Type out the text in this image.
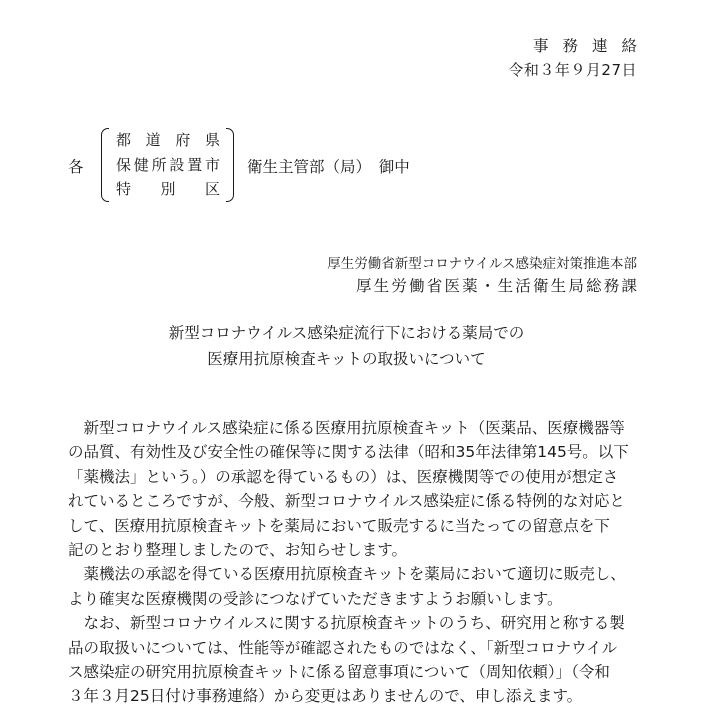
事務連絡
令和３年９月27日
各
都 道 府 県
保 健 所 設 置 市
特 別 区
衛生主管部（局）　御中
厚生労働省新型コロナウイルス感染症対策推進本部
厚生労働省医薬・生活衛生局総務課
新型コロナウイルス感染症流行下における薬局での
医療用抗原検査キットの取扱いについて
　新型コロナウイルス感染症に係る医療用抗原検査キット（医薬品、医療機器等
の品質、有効性及び安全性の確保等に関する法律（昭和35年法律第145号。以下
「薬機法」という。）の承認を得ているもの）は、医療機関等での使用が想定さ
れているところですが、今般、新型コロナウイルス感染症に係る特例的な対応と
して、医療用抗原検査キットを薬局において販売するに当たっての留意点を下
記のとおり整理しましたので、お知らせします。
　薬機法の承認を得ている医療用抗原検査キットを薬局において適切に販売し、
より確実な医療機関の受診につなげていただきますようお願いします。
　なお、新型コロナウイルスに関する抗原検査キットのうち、研究用と称する製
品の取扱いについては、性能等が確認されたものではなく、「新型コロナウイル
ス感染症の研究用抗原検査キットに係る留意事項について（周知依頼）」（令和
３年３月25日付け事務連絡）から変更はありませんので、申し添えます。
